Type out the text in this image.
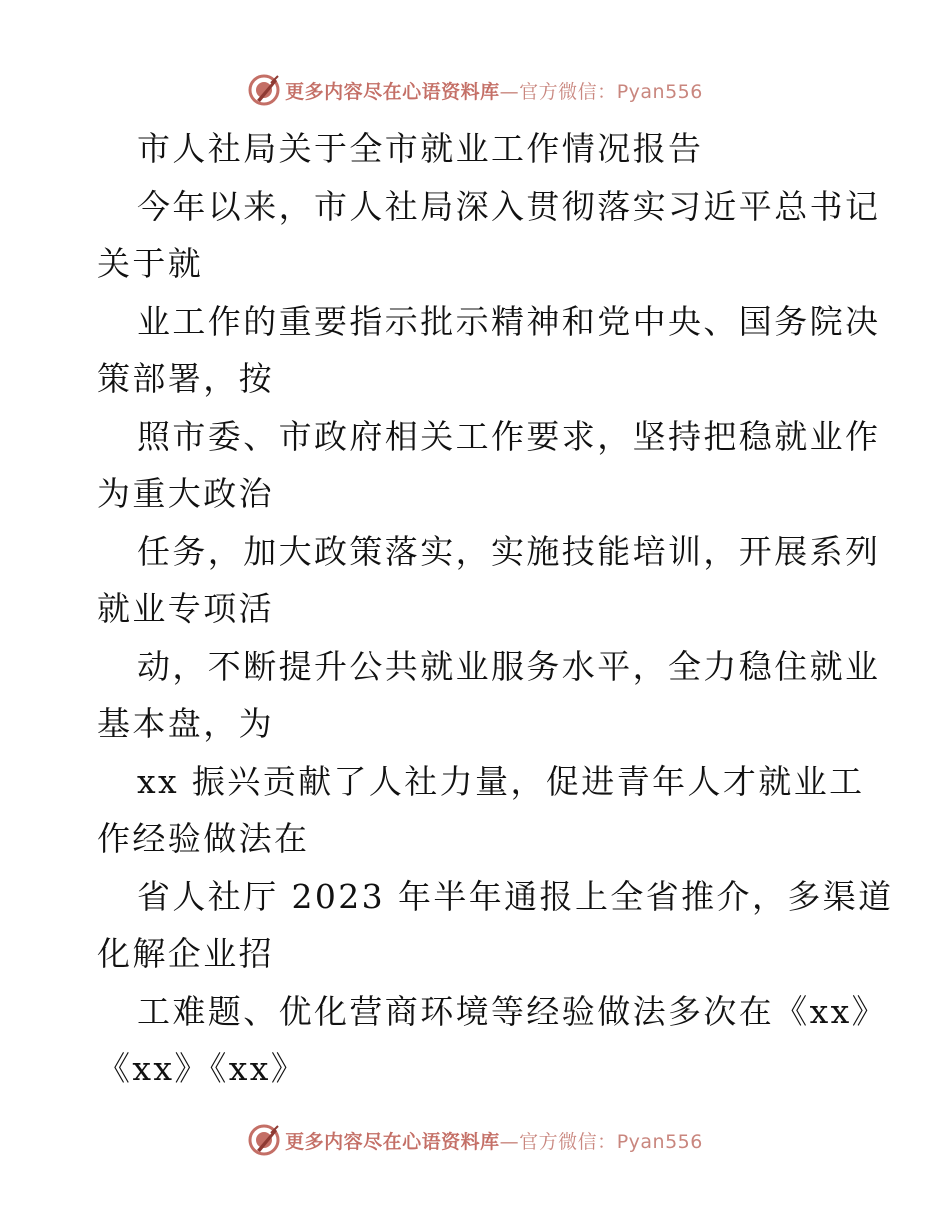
更多内容尽在心语资料库—官方微信：Pyan556
市人社局关于全市就业工作情况报告
今年以来，市人社局深入贯彻落实习近平总书记
关于就
业工作的重要指示批示精神和党中央、国务院决
策部署，按
照市委、市政府相关工作要求，坚持把稳就业作
为重大政治
任务，加大政策落实，实施技能培训，开展系列
就业专项活
动，不断提升公共就业服务水平，全力稳住就业
基本盘，为
xx 振兴贡献了人社力量，促进青年人才就业工
作经验做法在
省人社厅 2023 年半年通报上全省推介，多渠道
化解企业招
工难题、优化营商环境等经验做法多次在《xx》
《xx》《xx》
更多内容尽在心语资料库—官方微信：Pyan556
